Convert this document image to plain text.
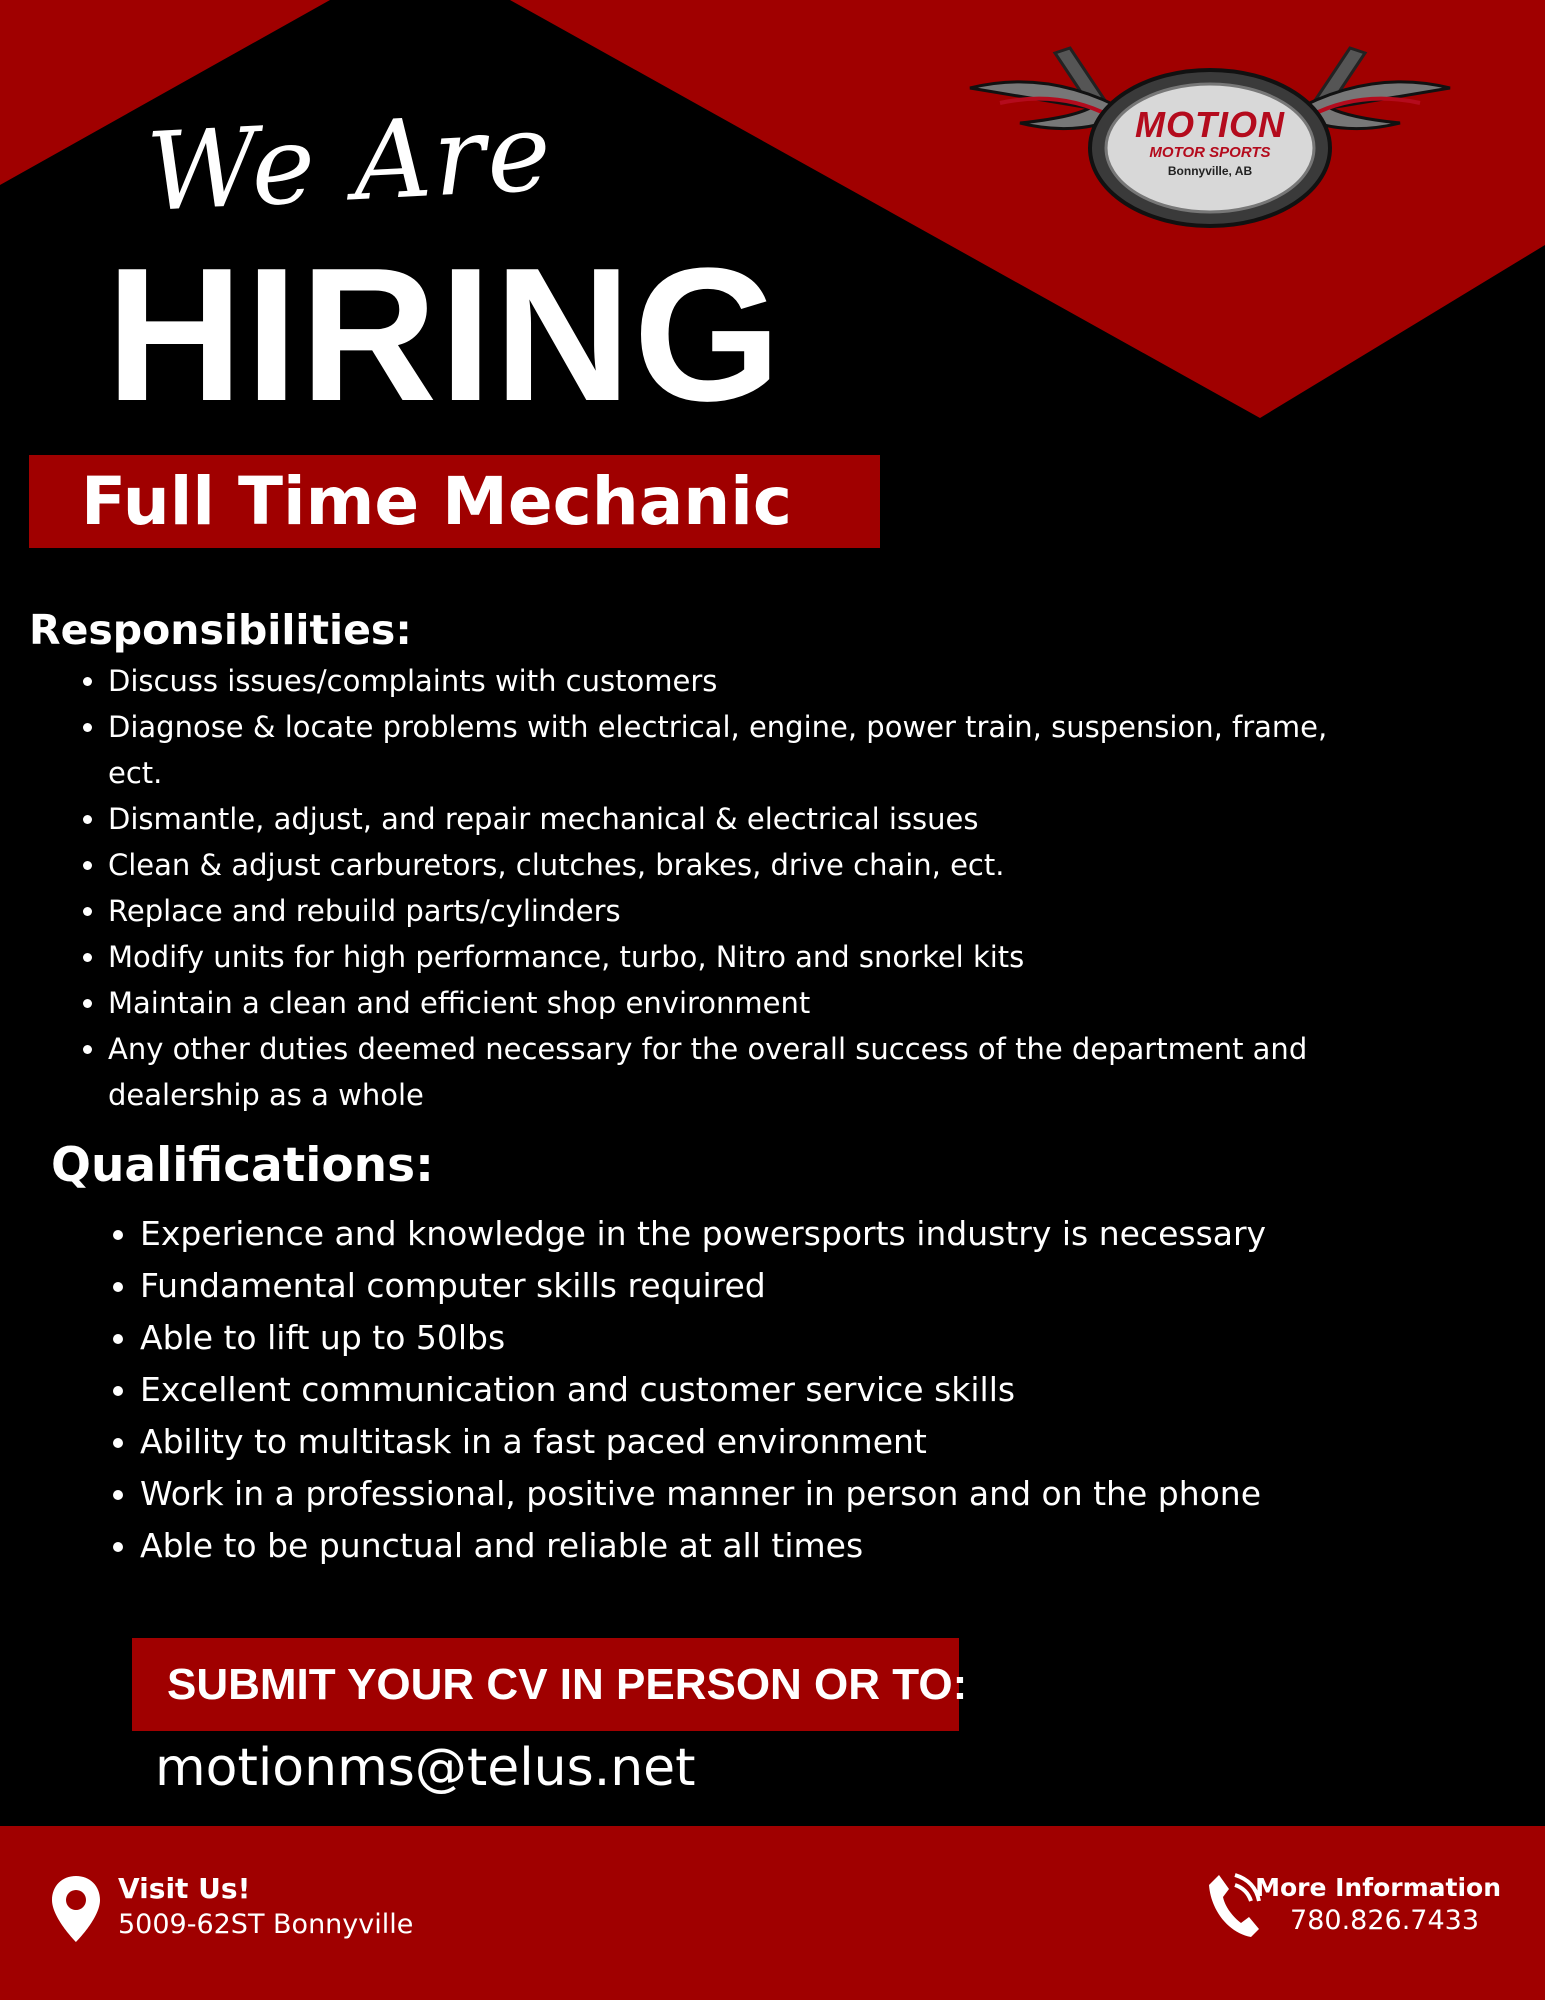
MOTION
MOTOR SPORTS
Bonnyville, AB
We Are
HIRING
Full Time Mechanic
Responsibilities:
• Discuss issues/complaints with customers
• Diagnose & locate problems with electrical, engine, power train, suspension, frame, ect.
• Dismantle, adjust, and repair mechanical & electrical issues
• Clean & adjust carburetors, clutches, brakes, drive chain, ect.
• Replace and rebuild parts/cylinders
• Modify units for high performance, turbo, Nitro and snorkel kits
• Maintain a clean and efficient shop environment
• Any other duties deemed necessary for the overall success of the department and dealership as a whole
Qualifications:
• Experience and knowledge in the powersports industry is necessary
• Fundamental computer skills required
• Able to lift up to 50lbs
• Excellent communication and customer service skills
• Ability to multitask in a fast paced environment
• Work in a professional, positive manner in person and on the phone
• Able to be punctual and reliable at all times
SUBMIT YOUR CV IN PERSON OR TO:
motionms@telus.net
Visit Us!
5009-62ST Bonnyville
More Information
780.826.7433
